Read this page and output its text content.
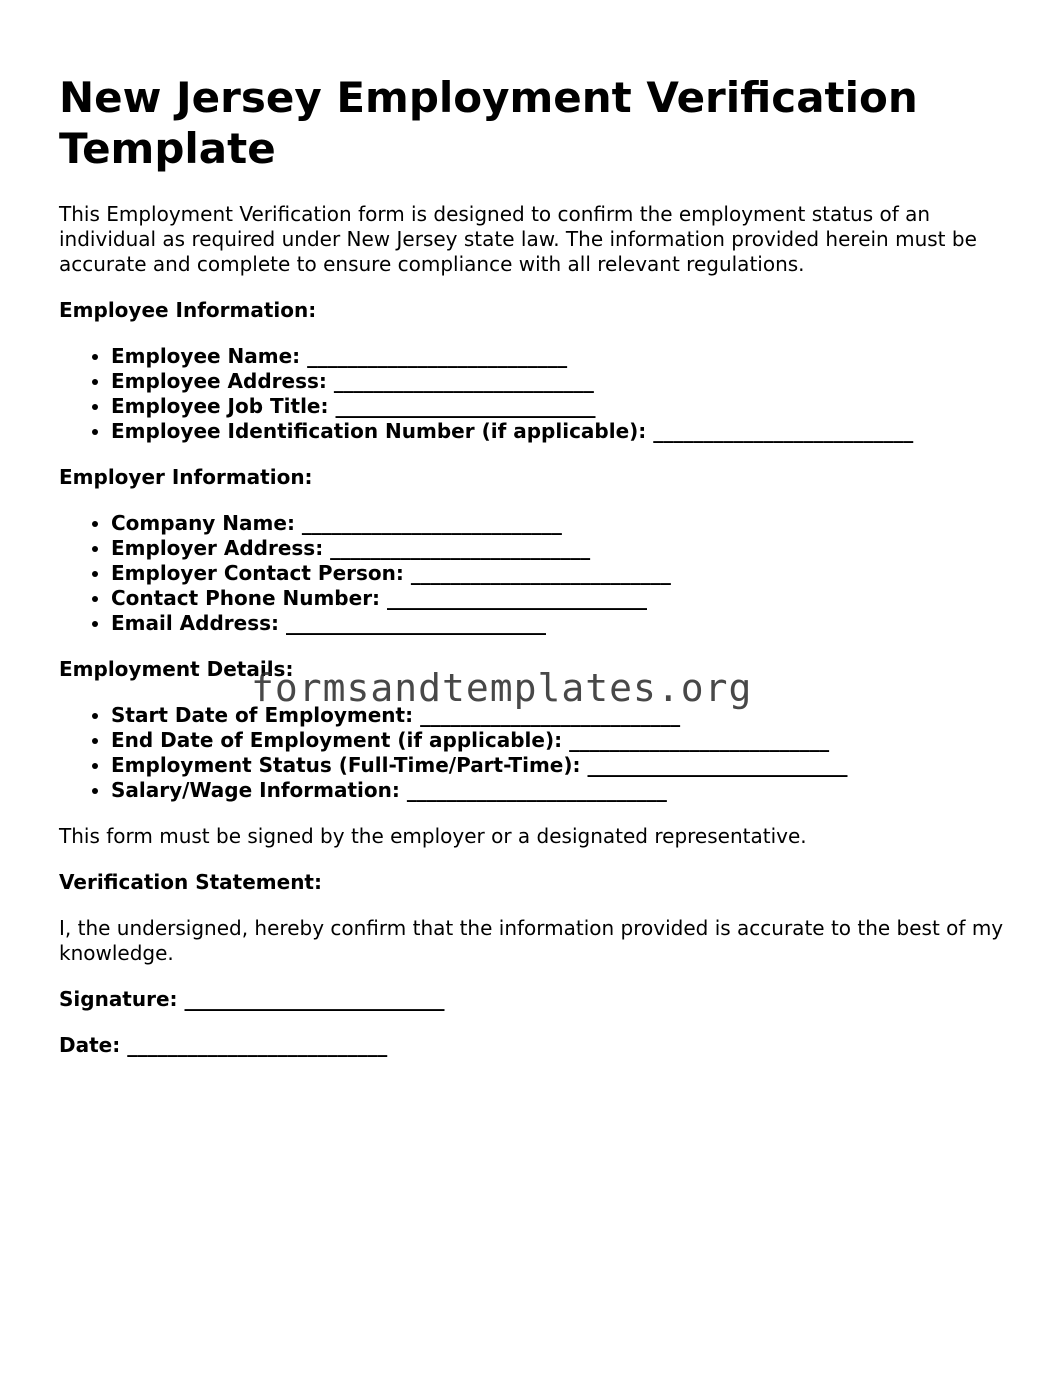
New Jersey Employment Verification Template

This Employment Verification form is designed to confirm the employment status of an individual as required under New Jersey state law. The information provided herein must be accurate and complete to ensure compliance with all relevant regulations.

Employee Information:

• Employee Name: __________________________
• Employee Address: __________________________
• Employee Job Title: __________________________
• Employee Identification Number (if applicable): __________________________

Employer Information:

• Company Name: __________________________
• Employer Address: __________________________
• Employer Contact Person: __________________________
• Contact Phone Number: __________________________
• Email Address: __________________________

Employment Details:

• Start Date of Employment: __________________________
• End Date of Employment (if applicable): __________________________
• Employment Status (Full-Time/Part-Time): __________________________
• Salary/Wage Information: __________________________

This form must be signed by the employer or a designated representative.

Verification Statement:

I, the undersigned, hereby confirm that the information provided is accurate to the best of my knowledge.

Signature: __________________________

Date: __________________________

formsandtemplates.org
